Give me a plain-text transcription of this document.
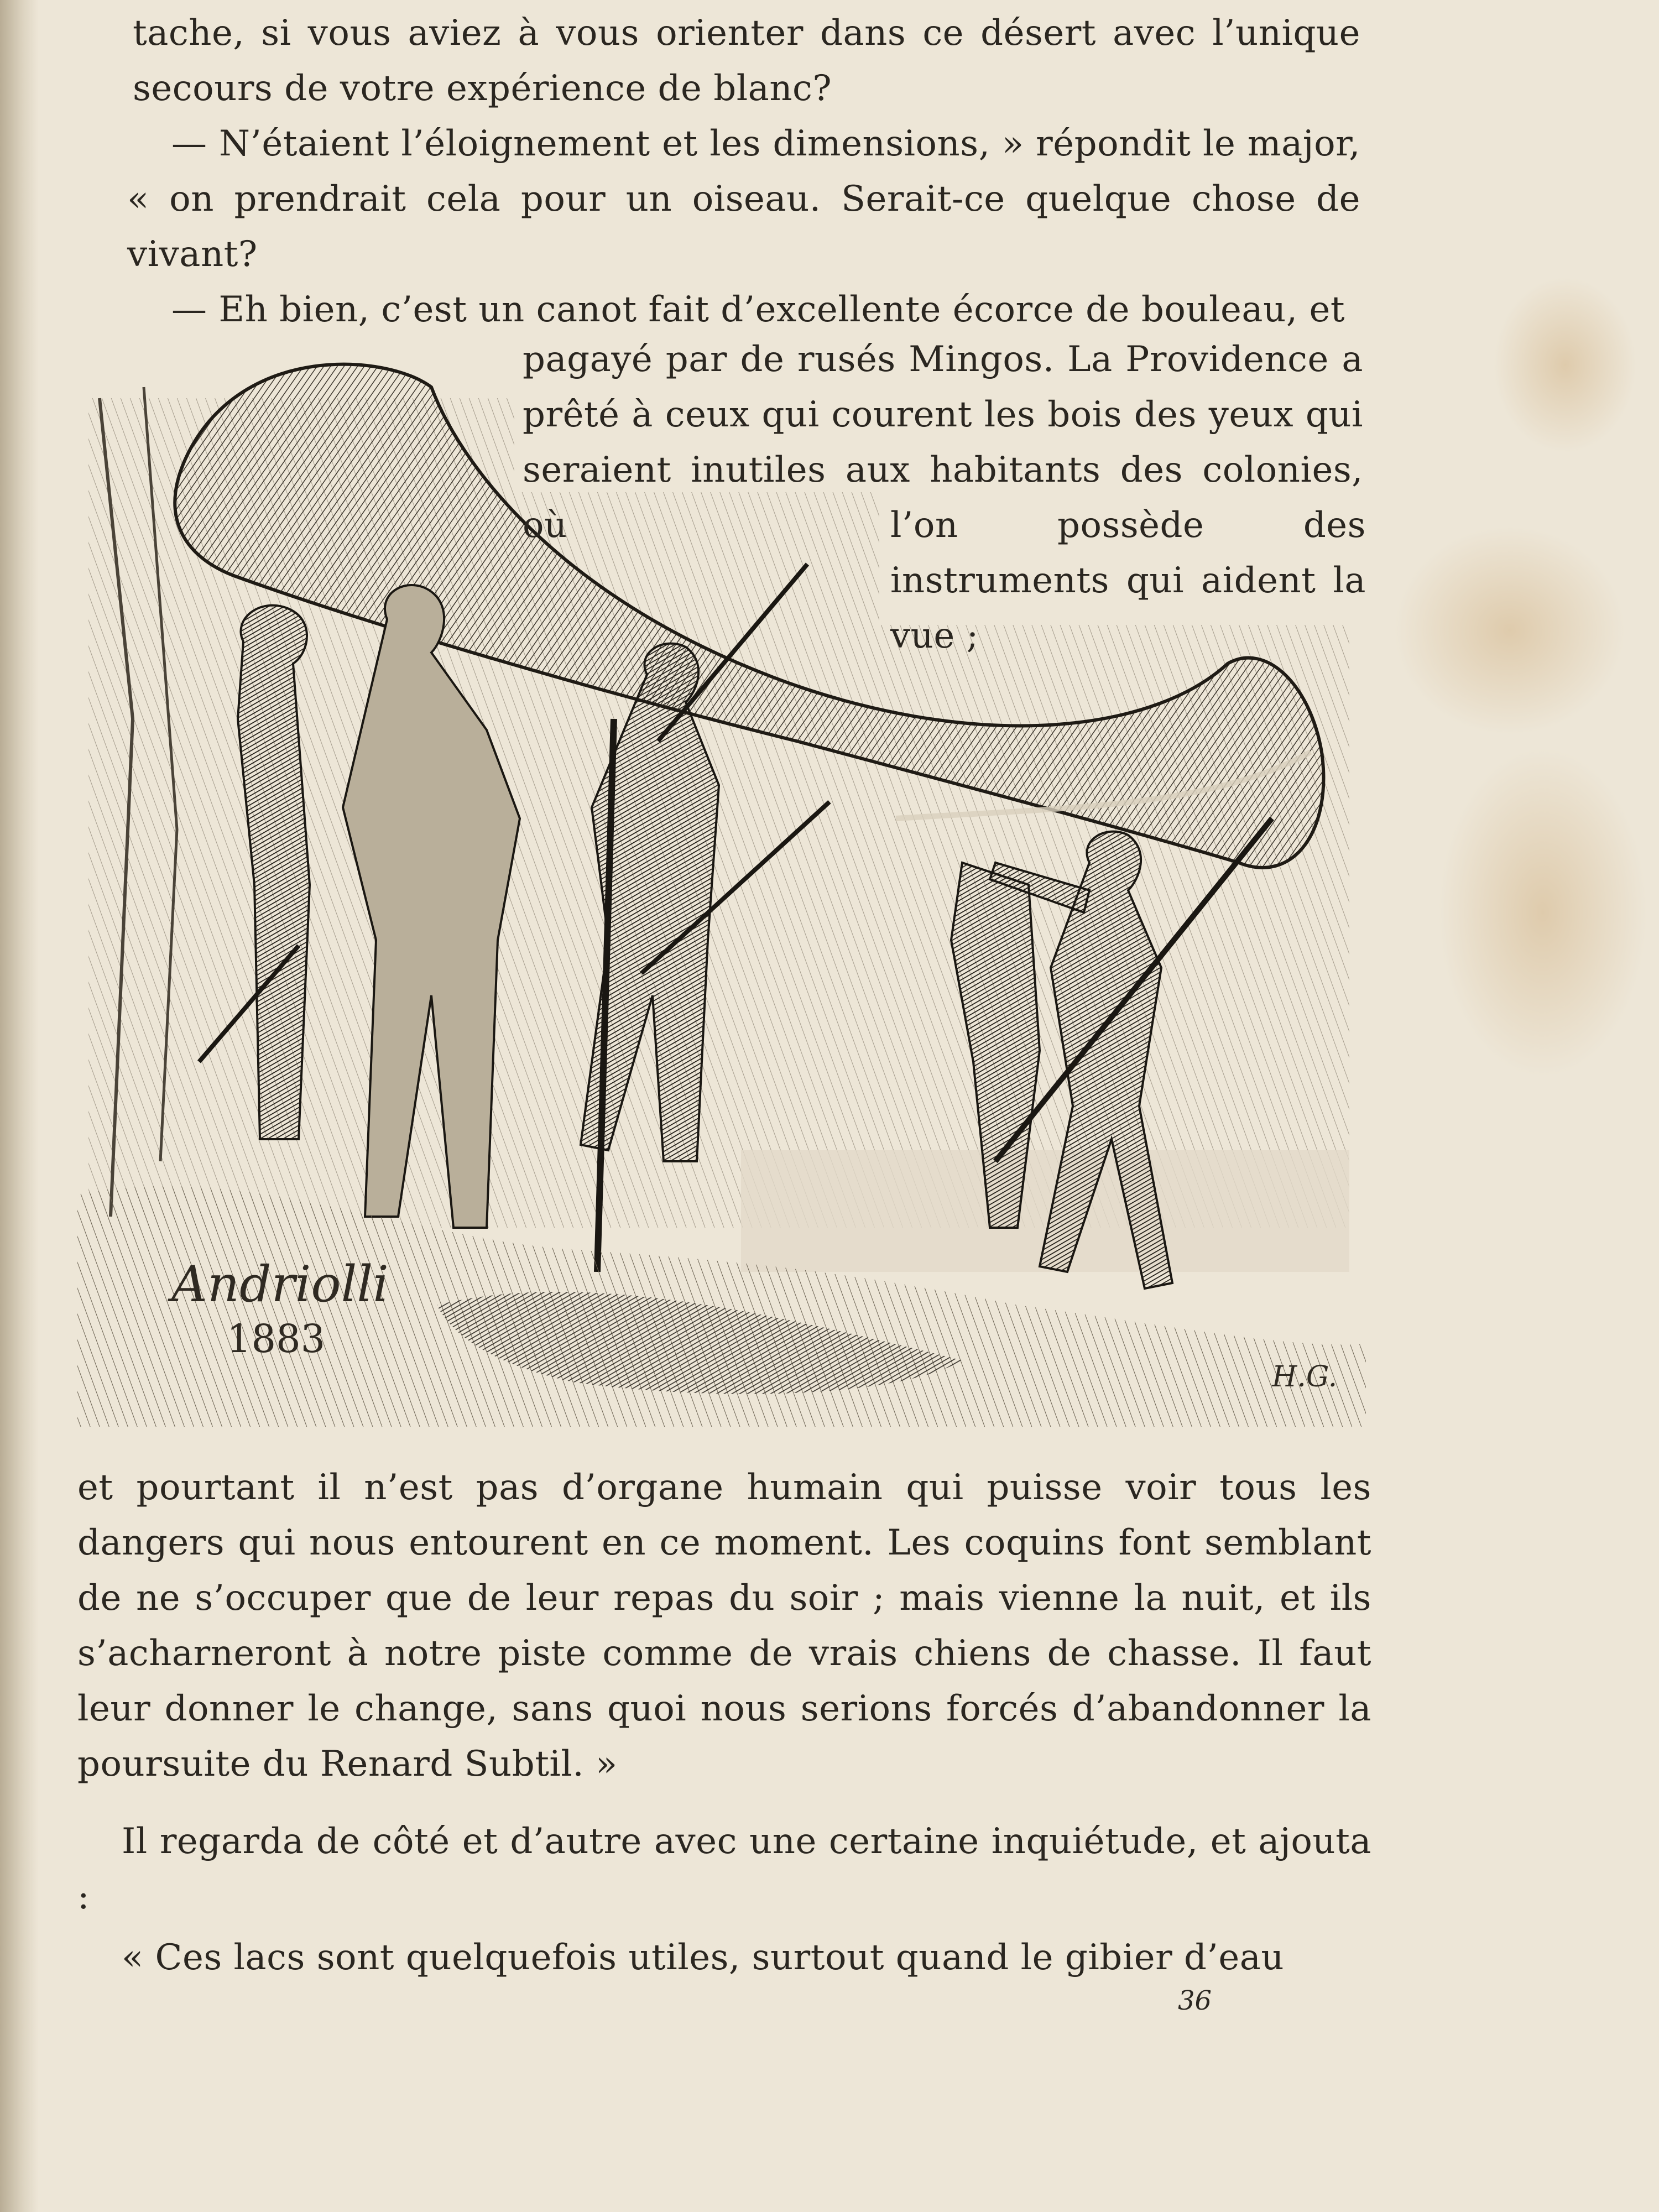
tache, si vous aviez à vous orienter dans ce désert avec l’unique secours de votre expérience de blanc?

— N’étaient l’éloignement et les dimensions, » répondit le major, « on prendrait cela pour un oiseau. Serait-ce quelque chose de vivant?

— Eh bien, c’est un canot fait d’excellente écorce de bouleau, et

pagayé par de rusés Mingos. La Providence a prêté à ceux qui courent les bois des yeux qui seraient inutiles aux habitants des colonies, où	l’on possède des instruments qui aident la vue ;

Andriolli
1883
H.G.

et pourtant il n’est pas d’organe humain qui puisse voir tous les dangers qui nous entourent en ce moment. Les coquins font semblant de ne s’occuper que de leur repas du soir ; mais vienne la nuit, et ils s’acharneront à notre piste comme de vrais chiens de chasse. Il faut leur donner le change, sans quoi nous serions forcés d’abandonner la poursuite du Renard Subtil. »

Il regarda de côté et d’autre avec une certaine inquiétude, et ajouta :

« Ces lacs sont quelquefois utiles, surtout quand le gibier d’eau

36
